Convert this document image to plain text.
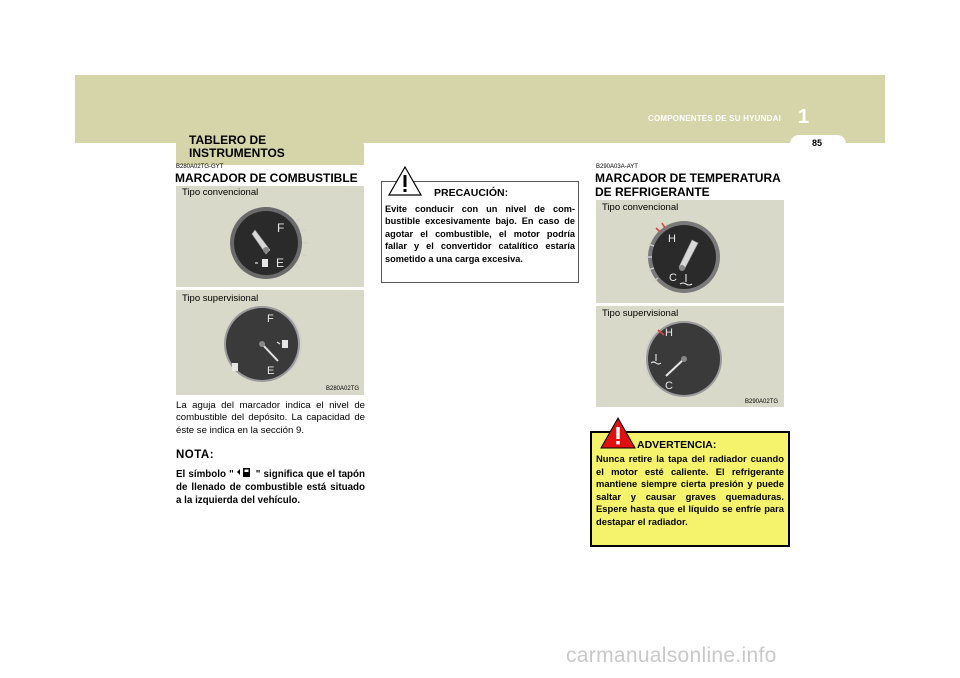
COMPONENTES DE SU HYUNDAI 1
85
TABLERO DE INSTRUMENTOS
B280A02TG-GYT
MARCADOR DE COMBUSTIBLE
Tipo convencional
F
E
Tipo supervisional
F
E
B280A02TG
La aguja del marcador indica el nivel de combustible del depósito. La capacidad de éste se indica en la sección 9.
NOTA:
El símbolo " " significa que el tapón de llenado de combustible está situado a la izquierda del vehículo.
PRECAUCIÓN:
Evite conducir con un nivel de com- bustible excesivamente bajo. En caso de agotar el combustible, el motor podría fallar y el convertidor catalítico estaría sometido a una carga excesiva.
B290A03A-AYT
MARCADOR DE TEMPERATURA DE REFRIGERANTE
Tipo convencional
H
C
Tipo supervisional
H
C
B290A02TG
ADVERTENCIA:
Nunca retire la tapa del radiador cuando el motor esté caliente. El refrigerante mantiene siempre cierta presión y puede saltar y causar graves quemaduras. Espere hasta que el líquido se enfríe para destapar el radiador.
carmanualsonline.info
